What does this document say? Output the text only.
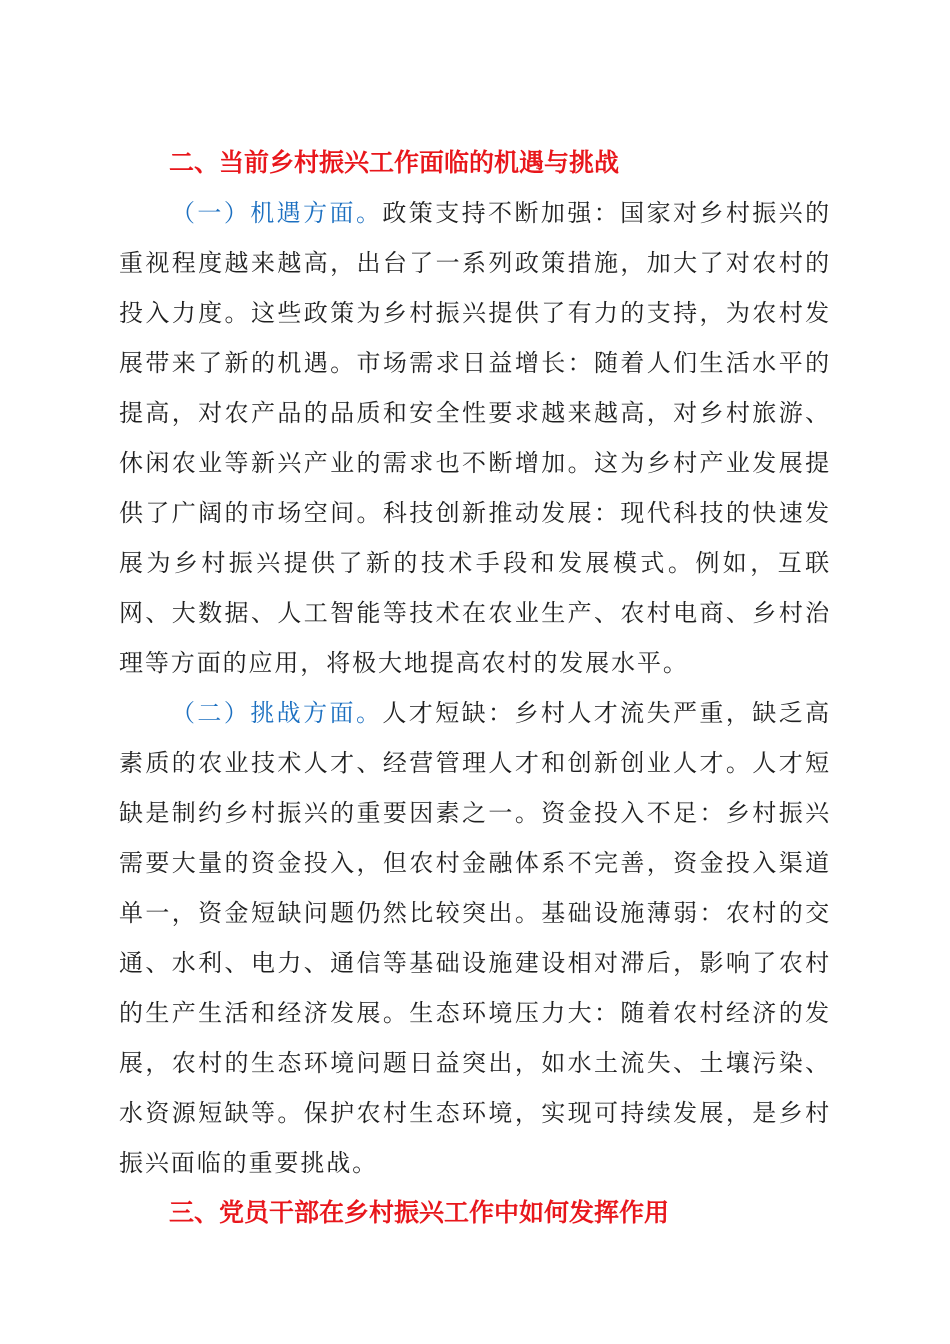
二、当前乡村振兴工作面临的机遇与挑战

（一）机遇方面。政策支持不断加强：国家对乡村振兴的重视程度越来越高，出台了一系列政策措施，加大了对农村的投入力度。这些政策为乡村振兴提供了有力的支持，为农村发展带来了新的机遇。市场需求日益增长：随着人们生活水平的提高，对农产品的品质和安全性要求越来越高，对乡村旅游、休闲农业等新兴产业的需求也不断增加。这为乡村产业发展提供了广阔的市场空间。科技创新推动发展：现代科技的快速发展为乡村振兴提供了新的技术手段和发展模式。例如，互联网、大数据、人工智能等技术在农业生产、农村电商、乡村治理等方面的应用，将极大地提高农村的发展水平。

（二）挑战方面。人才短缺：乡村人才流失严重，缺乏高素质的农业技术人才、经营管理人才和创新创业人才。人才短缺是制约乡村振兴的重要因素之一。资金投入不足：乡村振兴需要大量的资金投入，但农村金融体系不完善，资金投入渠道单一，资金短缺问题仍然比较突出。基础设施薄弱：农村的交通、水利、电力、通信等基础设施建设相对滞后，影响了农村的生产生活和经济发展。生态环境压力大：随着农村经济的发展，农村的生态环境问题日益突出，如水土流失、土壤污染、水资源短缺等。保护农村生态环境，实现可持续发展，是乡村振兴面临的重要挑战。

三、党员干部在乡村振兴工作中如何发挥作用
